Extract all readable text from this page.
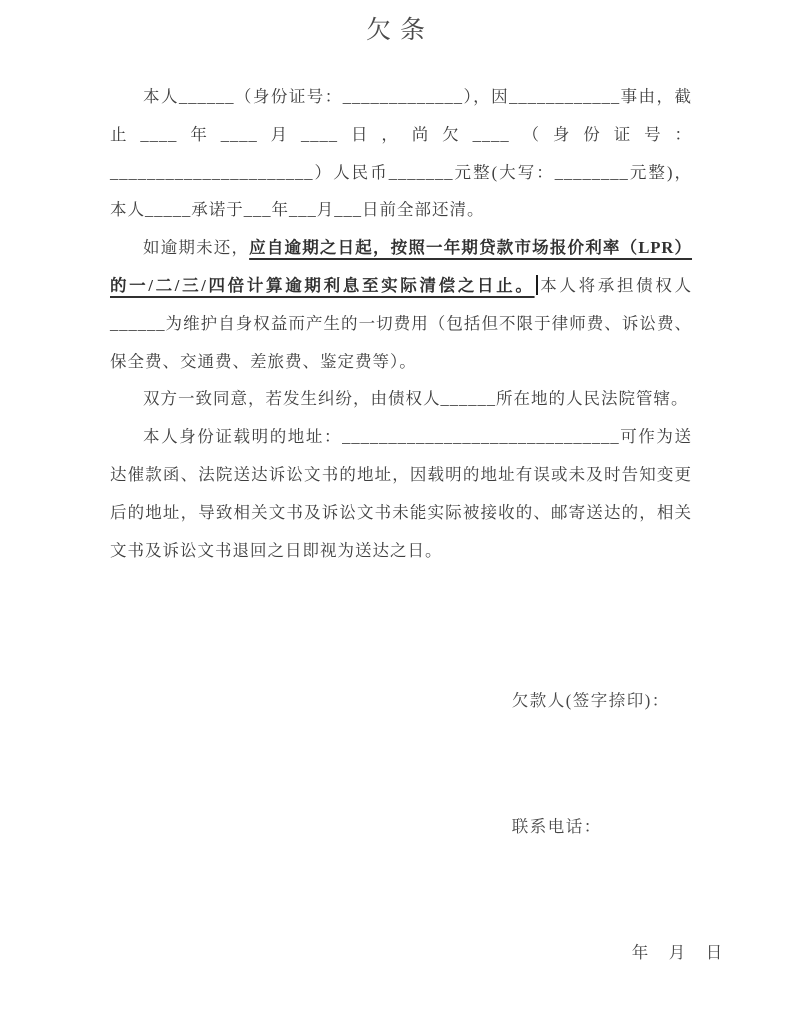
欠条

本人______（身份证号：_____________），因____________事由，截止____年____月____日，尚欠____（身份证号：______________________）人民币_______元整(大写：________元整)，本人_____承诺于___年___月___日前全部还清。

如逾期未还，应自逾期之日起，按照一年期贷款市场报价利率（LPR）的一/二/三/四倍计算逾期利息至实际清偿之日止。 本人将承担债权人______为维护自身权益而产生的一切费用（包括但不限于律师费、诉讼费、保全费、交通费、差旅费、鉴定费等）。

双方一致同意，若发生纠纷，由债权人______所在地的人民法院管辖。

本人身份证载明的地址：______________________________可作为送达催款函、法院送达诉讼文书的地址，因载明的地址有误或未及时告知变更后的地址，导致相关文书及诉讼文书未能实际被接收的、邮寄送达的，相关文书及诉讼文书退回之日即视为送达之日。

欠款人(签字捺印)：

联系电话：

年　月　日
